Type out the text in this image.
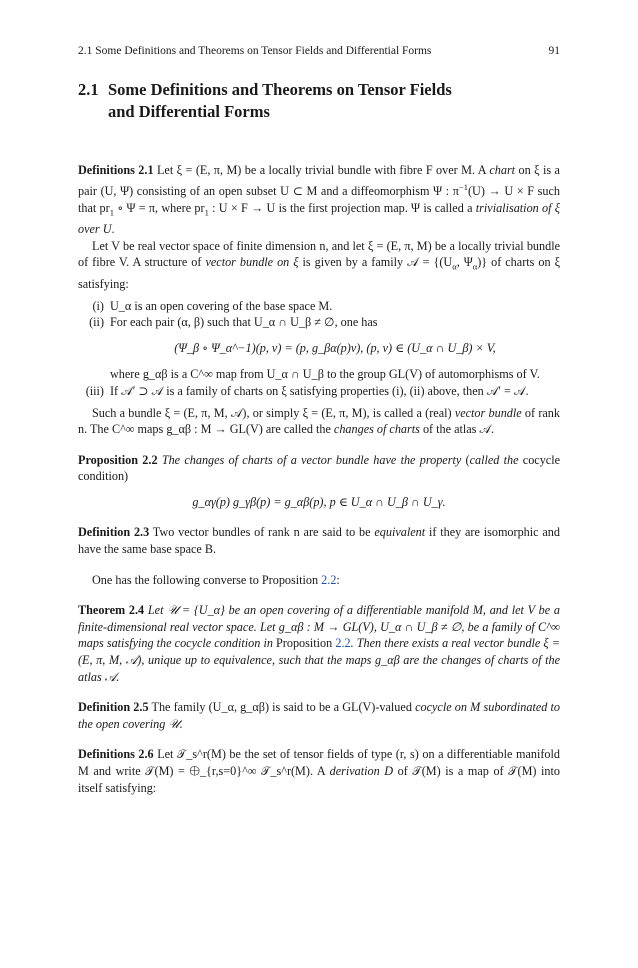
2.1 Some Definitions and Theorems on Tensor Fields and Differential Forms	91
2.1 Some Definitions and Theorems on Tensor Fields
and Differential Forms

Definitions 2.1 Let ξ = (E, π, M) be a locally trivial bundle with fibre F over M. A chart on ξ is a pair (U, Ψ) consisting of an open subset U ⊂ M and a diffeomorphism Ψ : $\pi^{-1}(U) \to U \times F$ such that $pr_1$ ∘ Ψ = π, where $pr_1$ : U × F → U is the first projection map. Ψ is called a trivialisation of ξ over U.

Let V be real vector space of finite dimension n, and let ξ = (E, π, M) be a locally trivial bundle of fibre V. A structure of vector bundle on ξ is given by a family 𝒜 = {($U_\alpha$, $\Psi_\alpha$)} of charts on ξ satisfying:

(i) U_α is an open covering of the base space M.
(ii) For each pair (α, β) such that U_α ∩ U_β ≠ ∅, one has
(Ψ_β ∘ Ψ_α^−1)(p, v) = (p, g_βα(p)v), (p, v) ∈ (U_α ∩ U_β) × V,
where g_αβ is a C^∞ map from U_α ∩ U_β to the group GL(V) of automorphisms of V.
(iii) If 𝒜′ ⊃ 𝒜 is a family of charts on ξ satisfying properties (i), (ii) above, then 𝒜′ = 𝒜.

Such a bundle ξ = (E, π, M, 𝒜), or simply ξ = (E, π, M), is called a (real) vector bundle of rank n. The C^∞ maps g_αβ : M → GL(V) are called the changes of charts of the atlas 𝒜.

Proposition 2.2 The changes of charts of a vector bundle have the property (called the cocycle condition)

g_αγ(p) g_γβ(p) = g_αβ(p), p ∈ U_α ∩ U_β ∩ U_γ.

Definition 2.3 Two vector bundles of rank n are said to be equivalent if they are isomorphic and have the same base space B.

One has the following converse to Proposition 2.2:

Theorem 2.4 Let 𝒰 = {U_α} be an open covering of a differentiable manifold M, and let V be a finite-dimensional real vector space. Let g_αβ : M → GL(V), U_α ∩ U_β ≠ ∅, be a family of C^∞ maps satisfying the cocycle condition in Proposition 2.2. Then there exists a real vector bundle ξ = (E, π, M, 𝒜), unique up to equivalence, such that the maps g_αβ are the changes of charts of the atlas 𝒜.

Definition 2.5 The family (U_α, g_αβ) is said to be a GL(V)-valued cocycle on M subordinated to the open covering 𝒰.

Definitions 2.6 Let 𝒯_s^r(M) be the set of tensor fields of type (r, s) on a differentiable manifold M and write 𝒯(M) = ⨁_{r,s=0}^∞ 𝒯_s^r(M). A derivation D of 𝒯(M) is a map of 𝒯(M) into itself satisfying:
